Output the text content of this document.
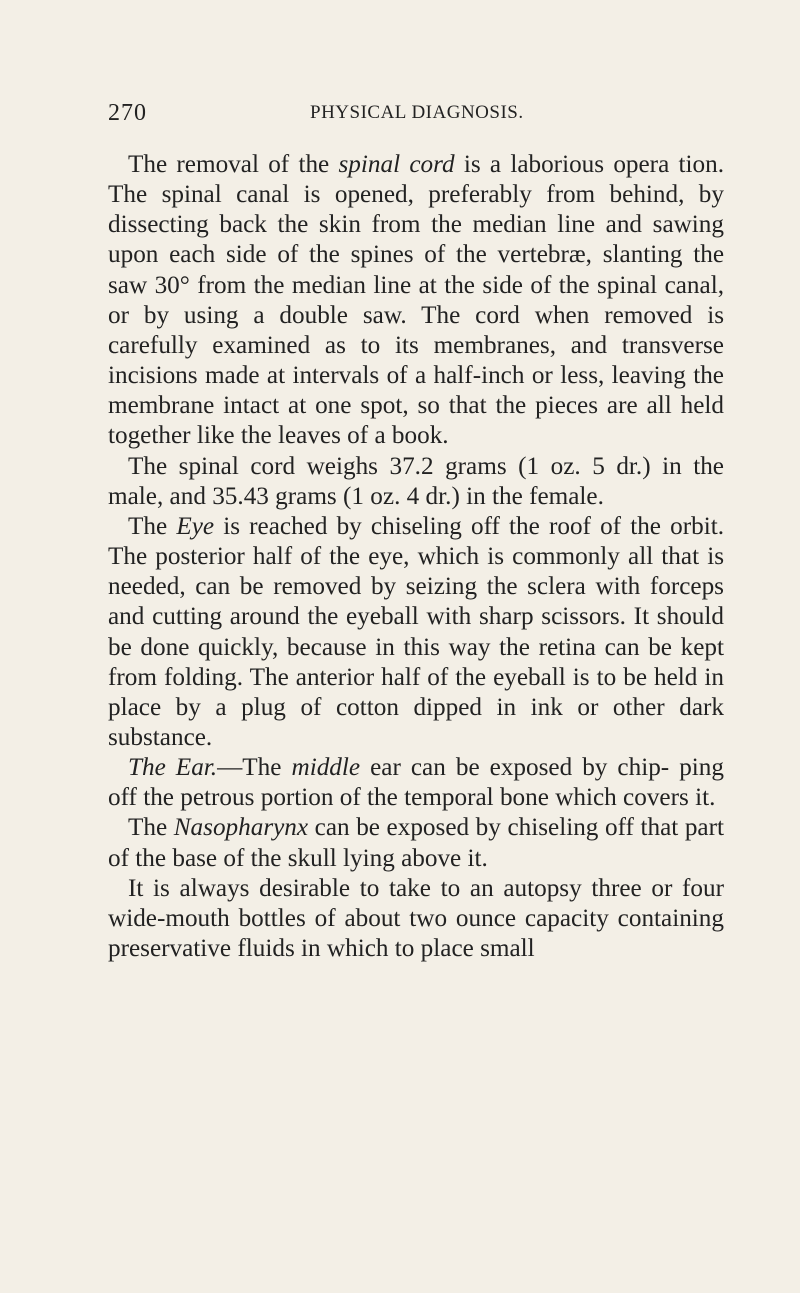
270	PHYSICAL DIAGNOSIS.

The removal of the spinal cord is a laborious opera tion. The spinal canal is opened, preferably from behind, by dissecting back the skin from the median line and sawing upon each side of the spines of the vertebræ, slanting the saw 30° from the median line at the side of the spinal canal, or by using a double saw. The cord when removed is carefully examined as to its membranes, and transverse incisions made at intervals of a half-inch or less, leaving the membrane intact at one spot, so that the pieces are all held together like the leaves of a book.

The spinal cord weighs 37.2 grams (1 oz. 5 dr.) in the male, and 35.43 grams (1 oz. 4 dr.) in the female.

The Eye is reached by chiseling off the roof of the orbit. The posterior half of the eye, which is commonly all that is needed, can be removed by seizing the sclera with forceps and cutting around the eyeball with sharp scissors. It should be done quickly, because in this way the retina can be kept from folding. The anterior half of the eyeball is to be held in place by a plug of cotton dipped in ink or other dark substance.

The Ear.—The middle ear can be exposed by chip- ping off the petrous portion of the temporal bone which covers it.

The Nasopharynx can be exposed by chiseling off that part of the base of the skull lying above it.

It is always desirable to take to an autopsy three or four wide-mouth bottles of about two ounce capacity containing preservative fluids in which to place small
